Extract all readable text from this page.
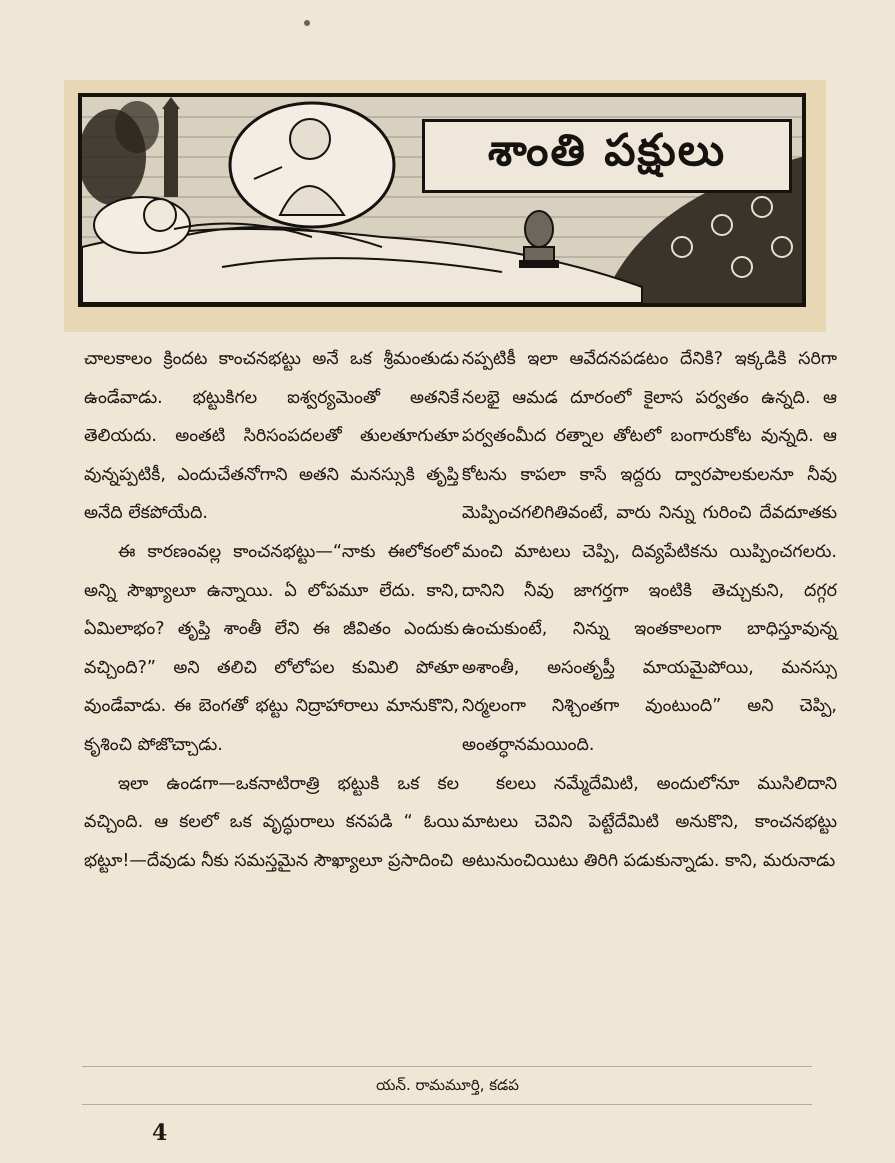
T.K.
శాంతి పక్షులు

చాలకాలం క్రిందట కాంచనభట్టు అనే ఒక శ్రీమంతుడు ఉండేవాడు. భట్టుకిగల ఐశ్వర్యమెంతో అతనికే తెలియదు. అంతటి సిరిసంపదలతో తులతూగుతూ వున్నప్పటికీ, ఎందుచేతనోగాని అతని మనస్సుకి తృప్తి అనేది లేకపోయేది.

ఈ కారణంవల్ల కాంచనభట్టు—“నాకు ఈలోకంలో అన్ని సౌఖ్యాలూ ఉన్నాయి. ఏ లోపమూ లేదు. కాని, ఏమిలాభం? తృప్తి శాంతీ లేని ఈ జీవితం ఎందుకు వచ్చింది?” అని తలిచి లోలోపల కుమిలి పోతూ వుండేవాడు. ఈ బెంగతో భట్టు నిద్రాహారాలు మానుకొని, కృశించి పోజొచ్చాడు.

ఇలా ఉండగా—ఒకనాటిరాత్రి భట్టుకి ఒక కల వచ్చింది. ఆ కలలో ఒక వృద్ధురాలు కనపడి “ ఓయి భట్టూ!—దేవుడు నీకు సమస్తమైన సౌఖ్యాలూ ప్రసాదించి

నప్పటికీ ఇలా ఆవేదనపడటం దేనికి? ఇక్కడికి సరిగా నలభై ఆమడ దూరంలో కైలాస పర్వతం ఉన్నది. ఆ పర్వతంమీద రత్నాల తోటలో బంగారుకోట వున్నది. ఆ కోటను కాపలా కాసే ఇద్దరు ద్వారపాలకులనూ నీవు మెప్పించగలిగితివంటే, వారు నిన్ను గురించి దేవదూతకు మంచి మాటలు చెప్పి, దివ్యపేటికను యిప్పించగలరు. దానిని నీవు జాగర్తగా ఇంటికి తెచ్చుకుని, దగ్గర ఉంచుకుంటే, నిన్ను ఇంతకాలంగా బాధిస్తూవున్న అశాంతీ, అసంతృప్తీ మాయమైపోయి, మనస్సు నిర్మలంగా నిశ్చింతగా వుంటుంది” అని చెప్పి, అంతర్ధానమయింది.

కలలు నమ్మేదేమిటి, అందులోనూ ముసిలిదాని మాటలు చెవిని పెట్టేదేమిటి అనుకొని, కాంచనభట్టు అటునుంచియిటు తిరిగి పడుకున్నాడు. కాని, మరునాడు

యన్. రామమూర్తి, కడప
4
